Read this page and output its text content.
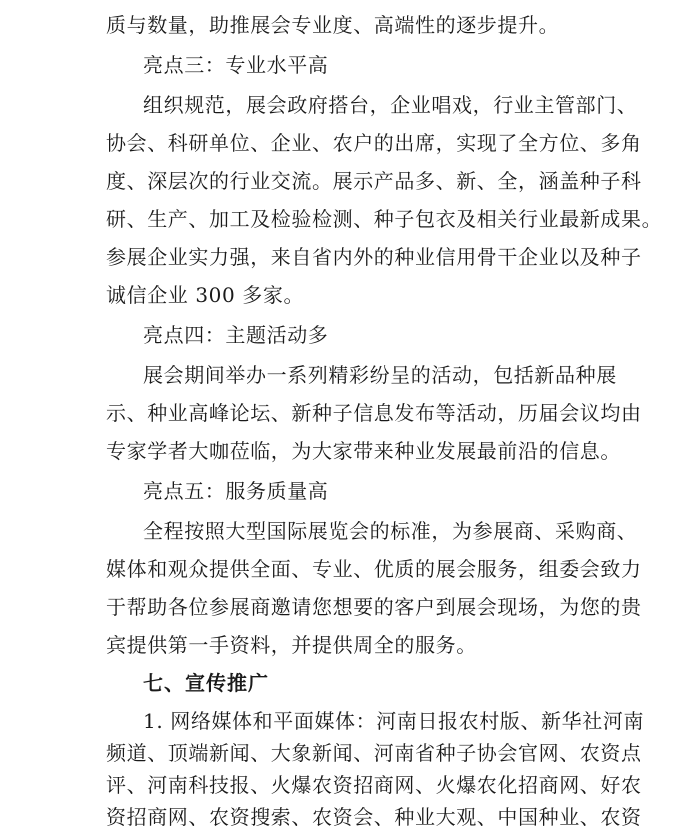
质与数量，助推展会专业度、高端性的逐步提升。
亮点三：专业水平高
组织规范，展会政府搭台，企业唱戏，行业主管部门、
协会、科研单位、企业、农户的出席，实现了全方位、多角
度、深层次的行业交流。展示产品多、新、全，涵盖种子科
研、生产、加工及检验检测、种子包衣及相关行业最新成果。
参展企业实力强，来自省内外的种业信用骨干企业以及种子
诚信企业 300 多家。
亮点四：主题活动多
展会期间举办一系列精彩纷呈的活动，包括新品种展
示、种业高峰论坛、新种子信息发布等活动，历届会议均由
专家学者大咖莅临，为大家带来种业发展最前沿的信息。
亮点五：服务质量高
全程按照大型国际展览会的标准，为参展商、采购商、
媒体和观众提供全面、专业、优质的展会服务，组委会致力
于帮助各位参展商邀请您想要的客户到展会现场，为您的贵
宾提供第一手资料，并提供周全的服务。
七、宣传推广
1. 网络媒体和平面媒体：河南日报农村版、新华社河南
频道、顶端新闻、大象新闻、河南省种子协会官网、农资点
评、河南科技报、火爆农资招商网、火爆农化招商网、好农
资招商网、农资搜索、农资会、种业大观、中国种业、农资
